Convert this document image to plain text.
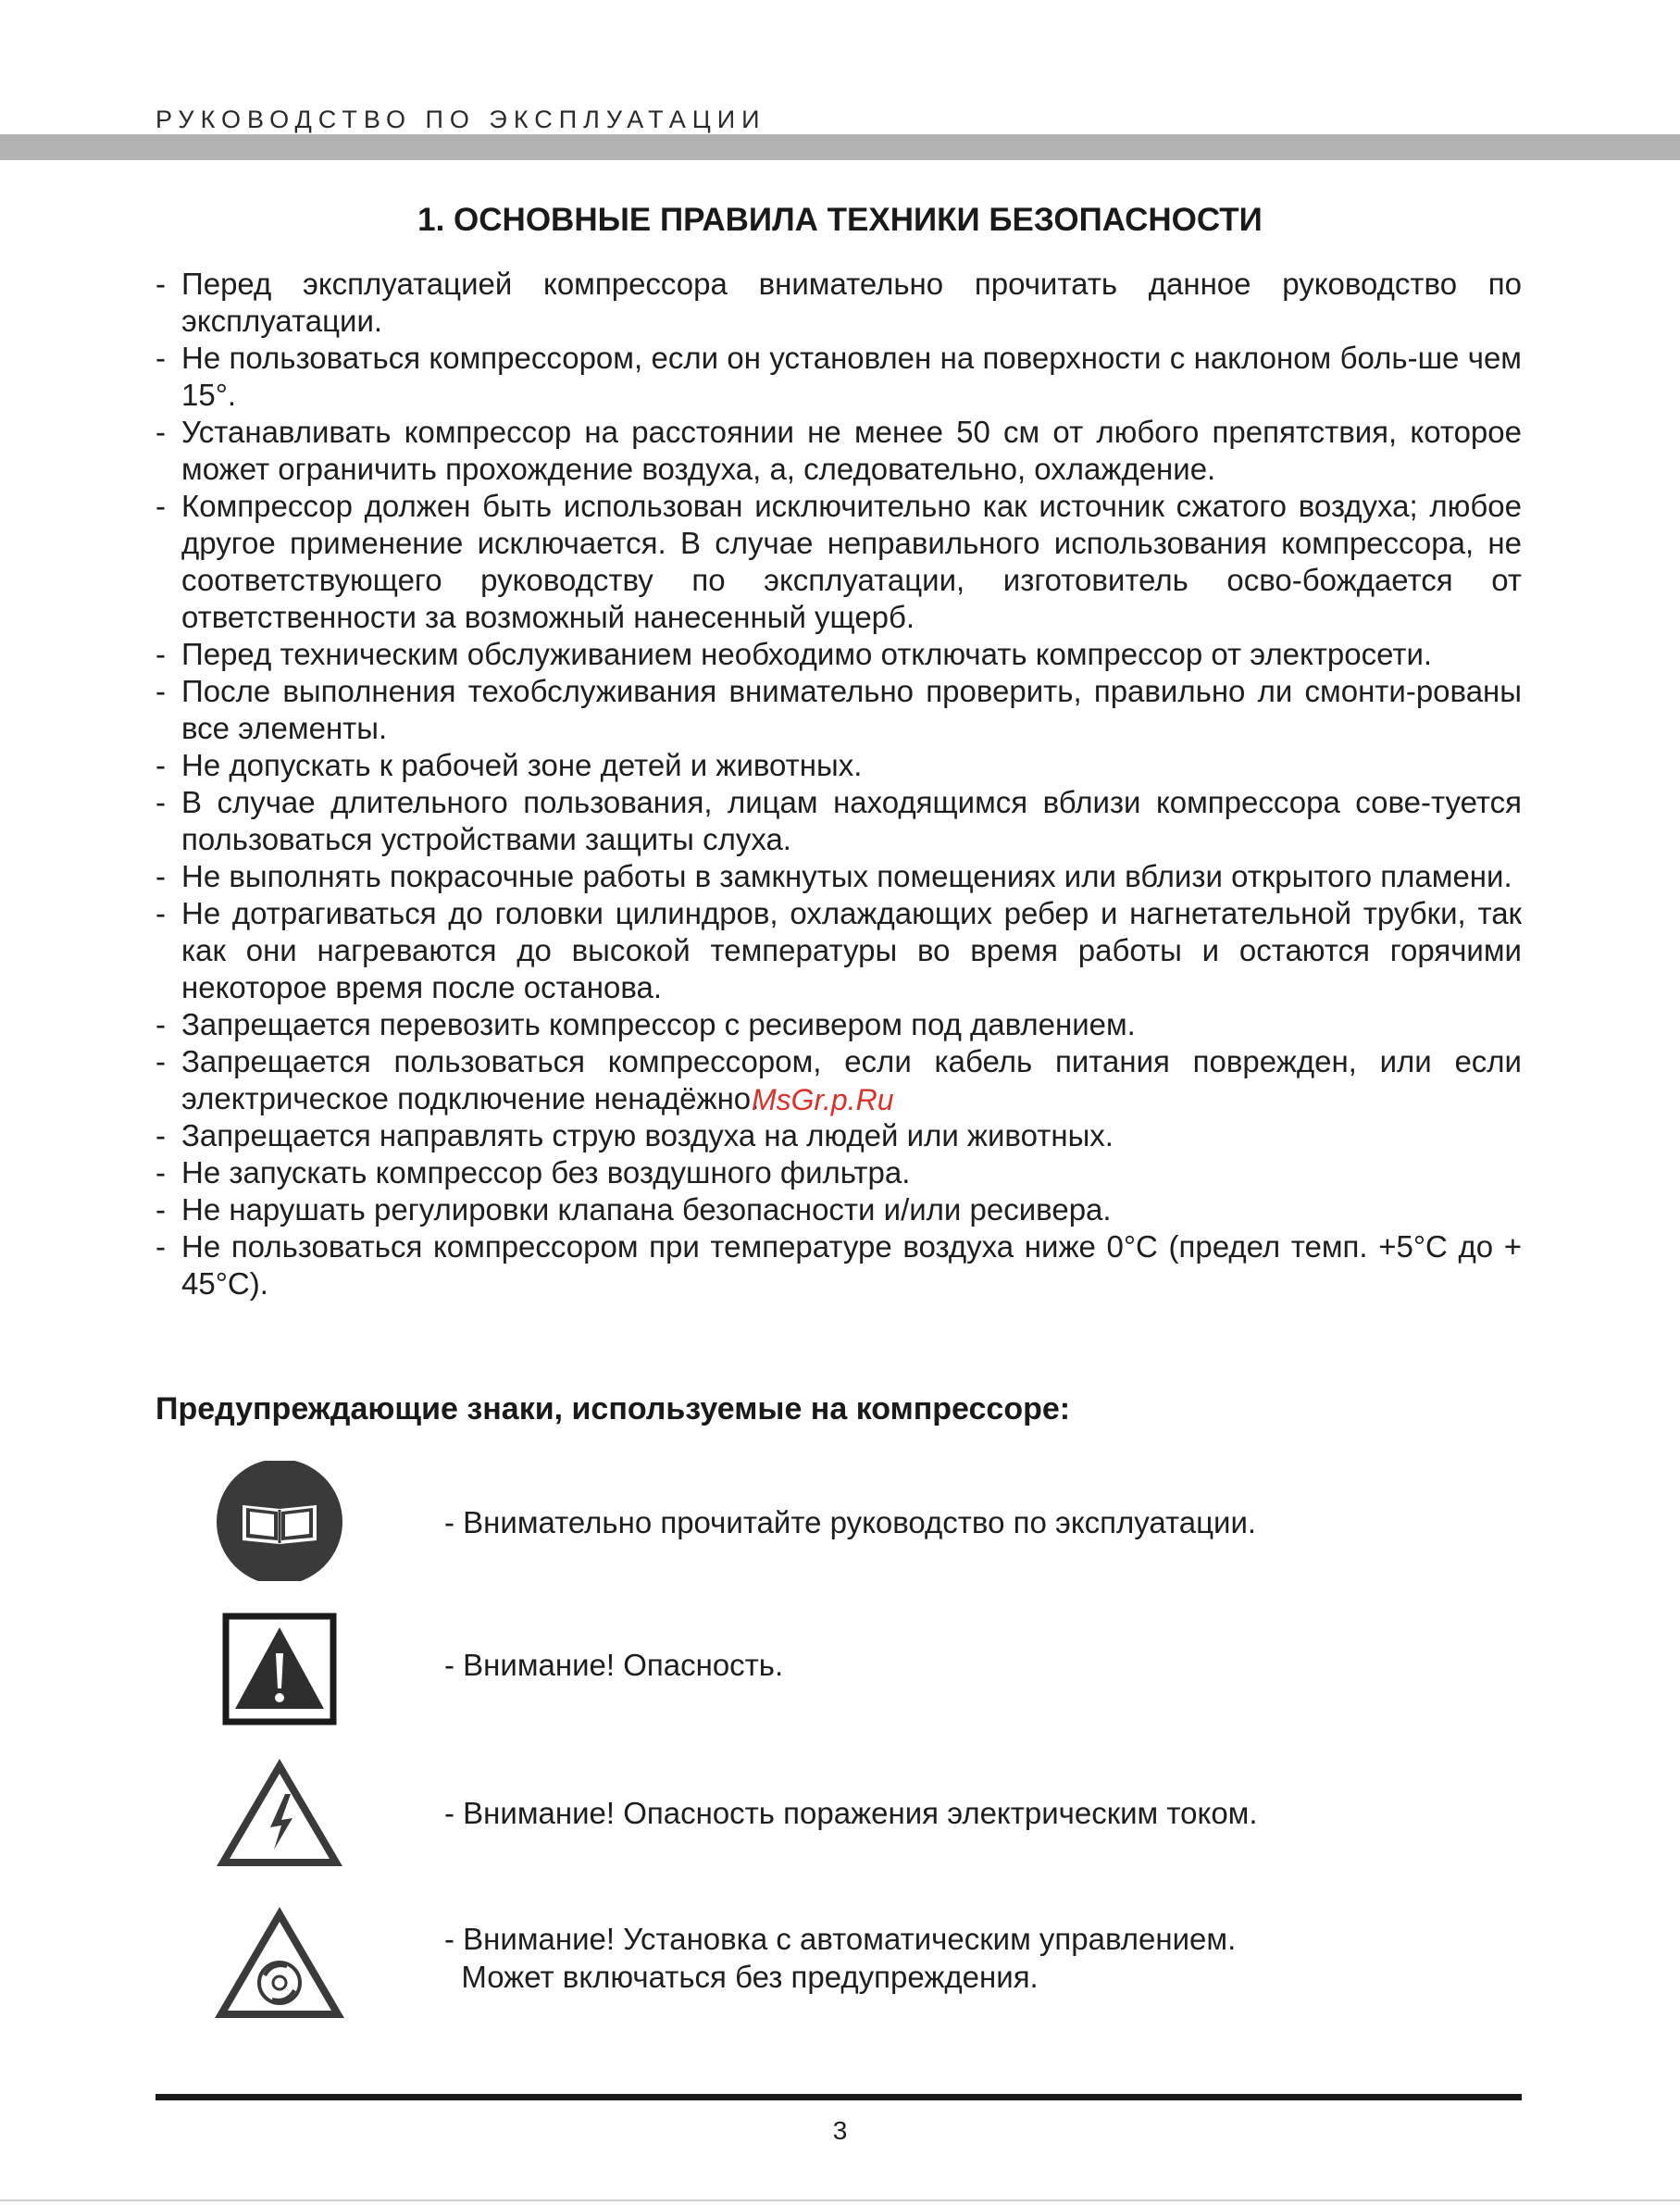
РУКОВОДСТВО ПО ЭКСПЛУАТАЦИИ
1. ОСНОВНЫЕ ПРАВИЛА ТЕХНИКИ БЕЗОПАСНОСТИ
- Перед эксплуатацией компрессора внимательно прочитать данное руководство по эксплуатации.
- Не пользоваться компрессором, если он установлен на поверхности с наклоном боль-ше чем 15°.
- Устанавливать компрессор на расстоянии не менее 50 см от любого препятствия, которое может ограничить прохождение воздуха, а, следовательно, охлаждение.
- Компрессор должен быть использован исключительно как источник сжатого воздуха; любое другое применение исключается. В случае неправильного использования компрессора, не соответствующего руководству по эксплуатации, изготовитель осво-бождается от ответственности за возможный нанесенный ущерб.
- Перед техническим обслуживанием необходимо отключать компрессор от электросети.
- После выполнения техобслуживания внимательно проверить, правильно ли смонти-рованы все элементы.
- Не допускать к рабочей зоне детей и животных.
- В случае длительного пользования, лицам находящимся вблизи компрессора сове-туется пользоваться устройствами защиты слуха.
- Не выполнять покрасочные работы в замкнутых помещениях или вблизи открытого пламени.
- Не дотрагиваться до головки цилиндров, охлаждающих ребер и нагнетательной трубки, так как они нагреваются до высокой температуры во время работы и остаются горячими некоторое время после останова.
- Запрещается перевозить компрессор с ресивером под давлением.
- Запрещается пользоваться компрессором, если кабель питания поврежден, или если электрическое подключение ненадёжно.
- Запрещается направлять струю воздуха на людей или животных.
- Не запускать компрессор без воздушного фильтра.
- Не нарушать регулировки клапана безопасности и/или ресивера.
- Не пользоваться компрессором при температуре воздуха ниже 0°C (предел темп. +5°C до + 45°C).
MsGr.p.Ru
Предупреждающие знаки, используемые на компрессоре:
- Внимательно прочитайте руководство по эксплуатации.
- Внимание! Опасность.
- Внимание! Опасность поражения электрическим током.
- Внимание! Установка с автоматическим управлением.
Может включаться без предупреждения.
3
